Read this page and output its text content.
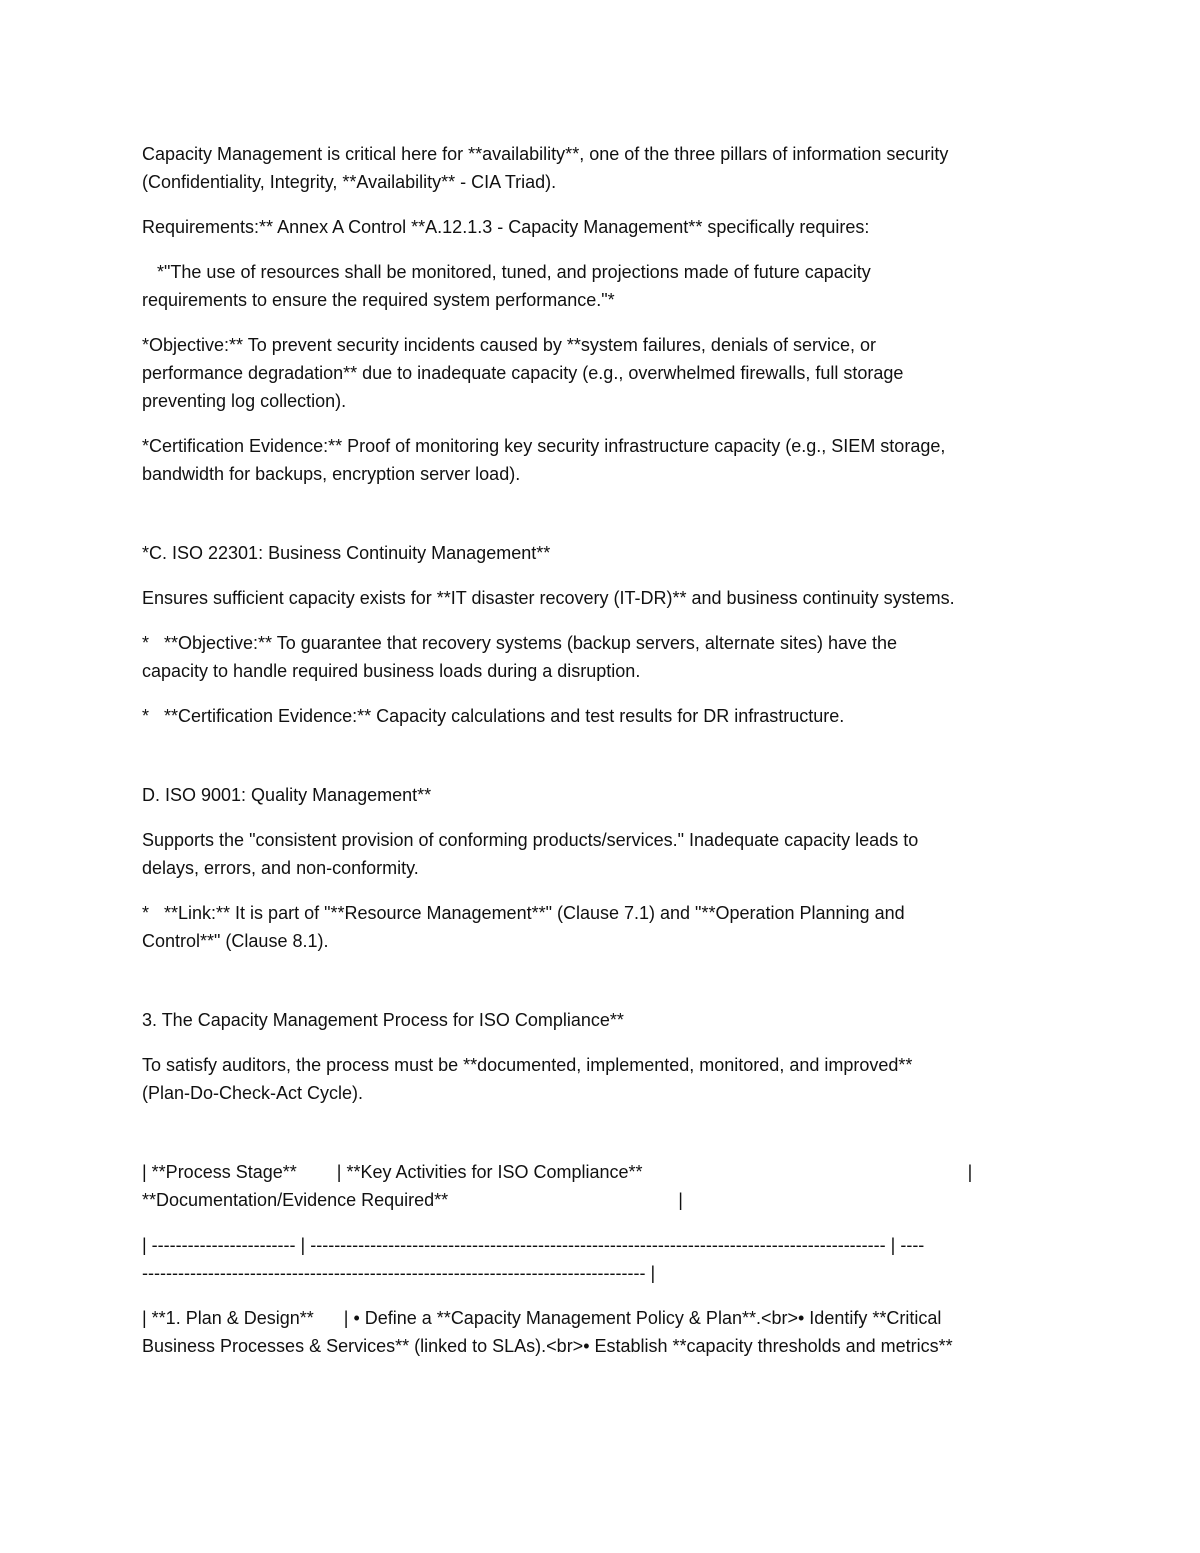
Capacity Management is critical here for **availability**, one of the three pillars of information security
(Confidentiality, Integrity, **Availability** - CIA Triad).

Requirements:** Annex A Control **A.12.1.3 - Capacity Management** specifically requires:

*"The use of resources shall be monitored, tuned, and projections made of future capacity
requirements to ensure the required system performance."*

*Objective:** To prevent security incidents caused by **system failures, denials of service, or
performance degradation** due to inadequate capacity (e.g., overwhelmed firewalls, full storage
preventing log collection).

*Certification Evidence:** Proof of monitoring key security infrastructure capacity (e.g., SIEM storage,
bandwidth for backups, encryption server load).

*C. ISO 22301: Business Continuity Management**

Ensures sufficient capacity exists for **IT disaster recovery (IT-DR)** and business continuity systems.

*   **Objective:** To guarantee that recovery systems (backup servers, alternate sites) have the
capacity to handle required business loads during a disruption.

*   **Certification Evidence:** Capacity calculations and test results for DR infrastructure.

D. ISO 9001: Quality Management**

Supports the "consistent provision of conforming products/services." Inadequate capacity leads to
delays, errors, and non-conformity.

*   **Link:** It is part of "**Resource Management**" (Clause 7.1) and "**Operation Planning and
Control**" (Clause 8.1).

3. The Capacity Management Process for ISO Compliance**

To satisfy auditors, the process must be **documented, implemented, monitored, and improved**
(Plan-Do-Check-Act Cycle).

| **Process Stage**        | **Key Activities for ISO Compliance**                                                                 |
**Documentation/Evidence Required**                                              |

| ------------------------ | ------------------------------------------------------------------------------------------------ | ----
------------------------------------------------------------------------------------ |

| **1. Plan & Design**      | • Define a **Capacity Management Policy & Plan**.<br>• Identify **Critical
Business Processes & Services** (linked to SLAs).<br>• Establish **capacity thresholds and metrics**
